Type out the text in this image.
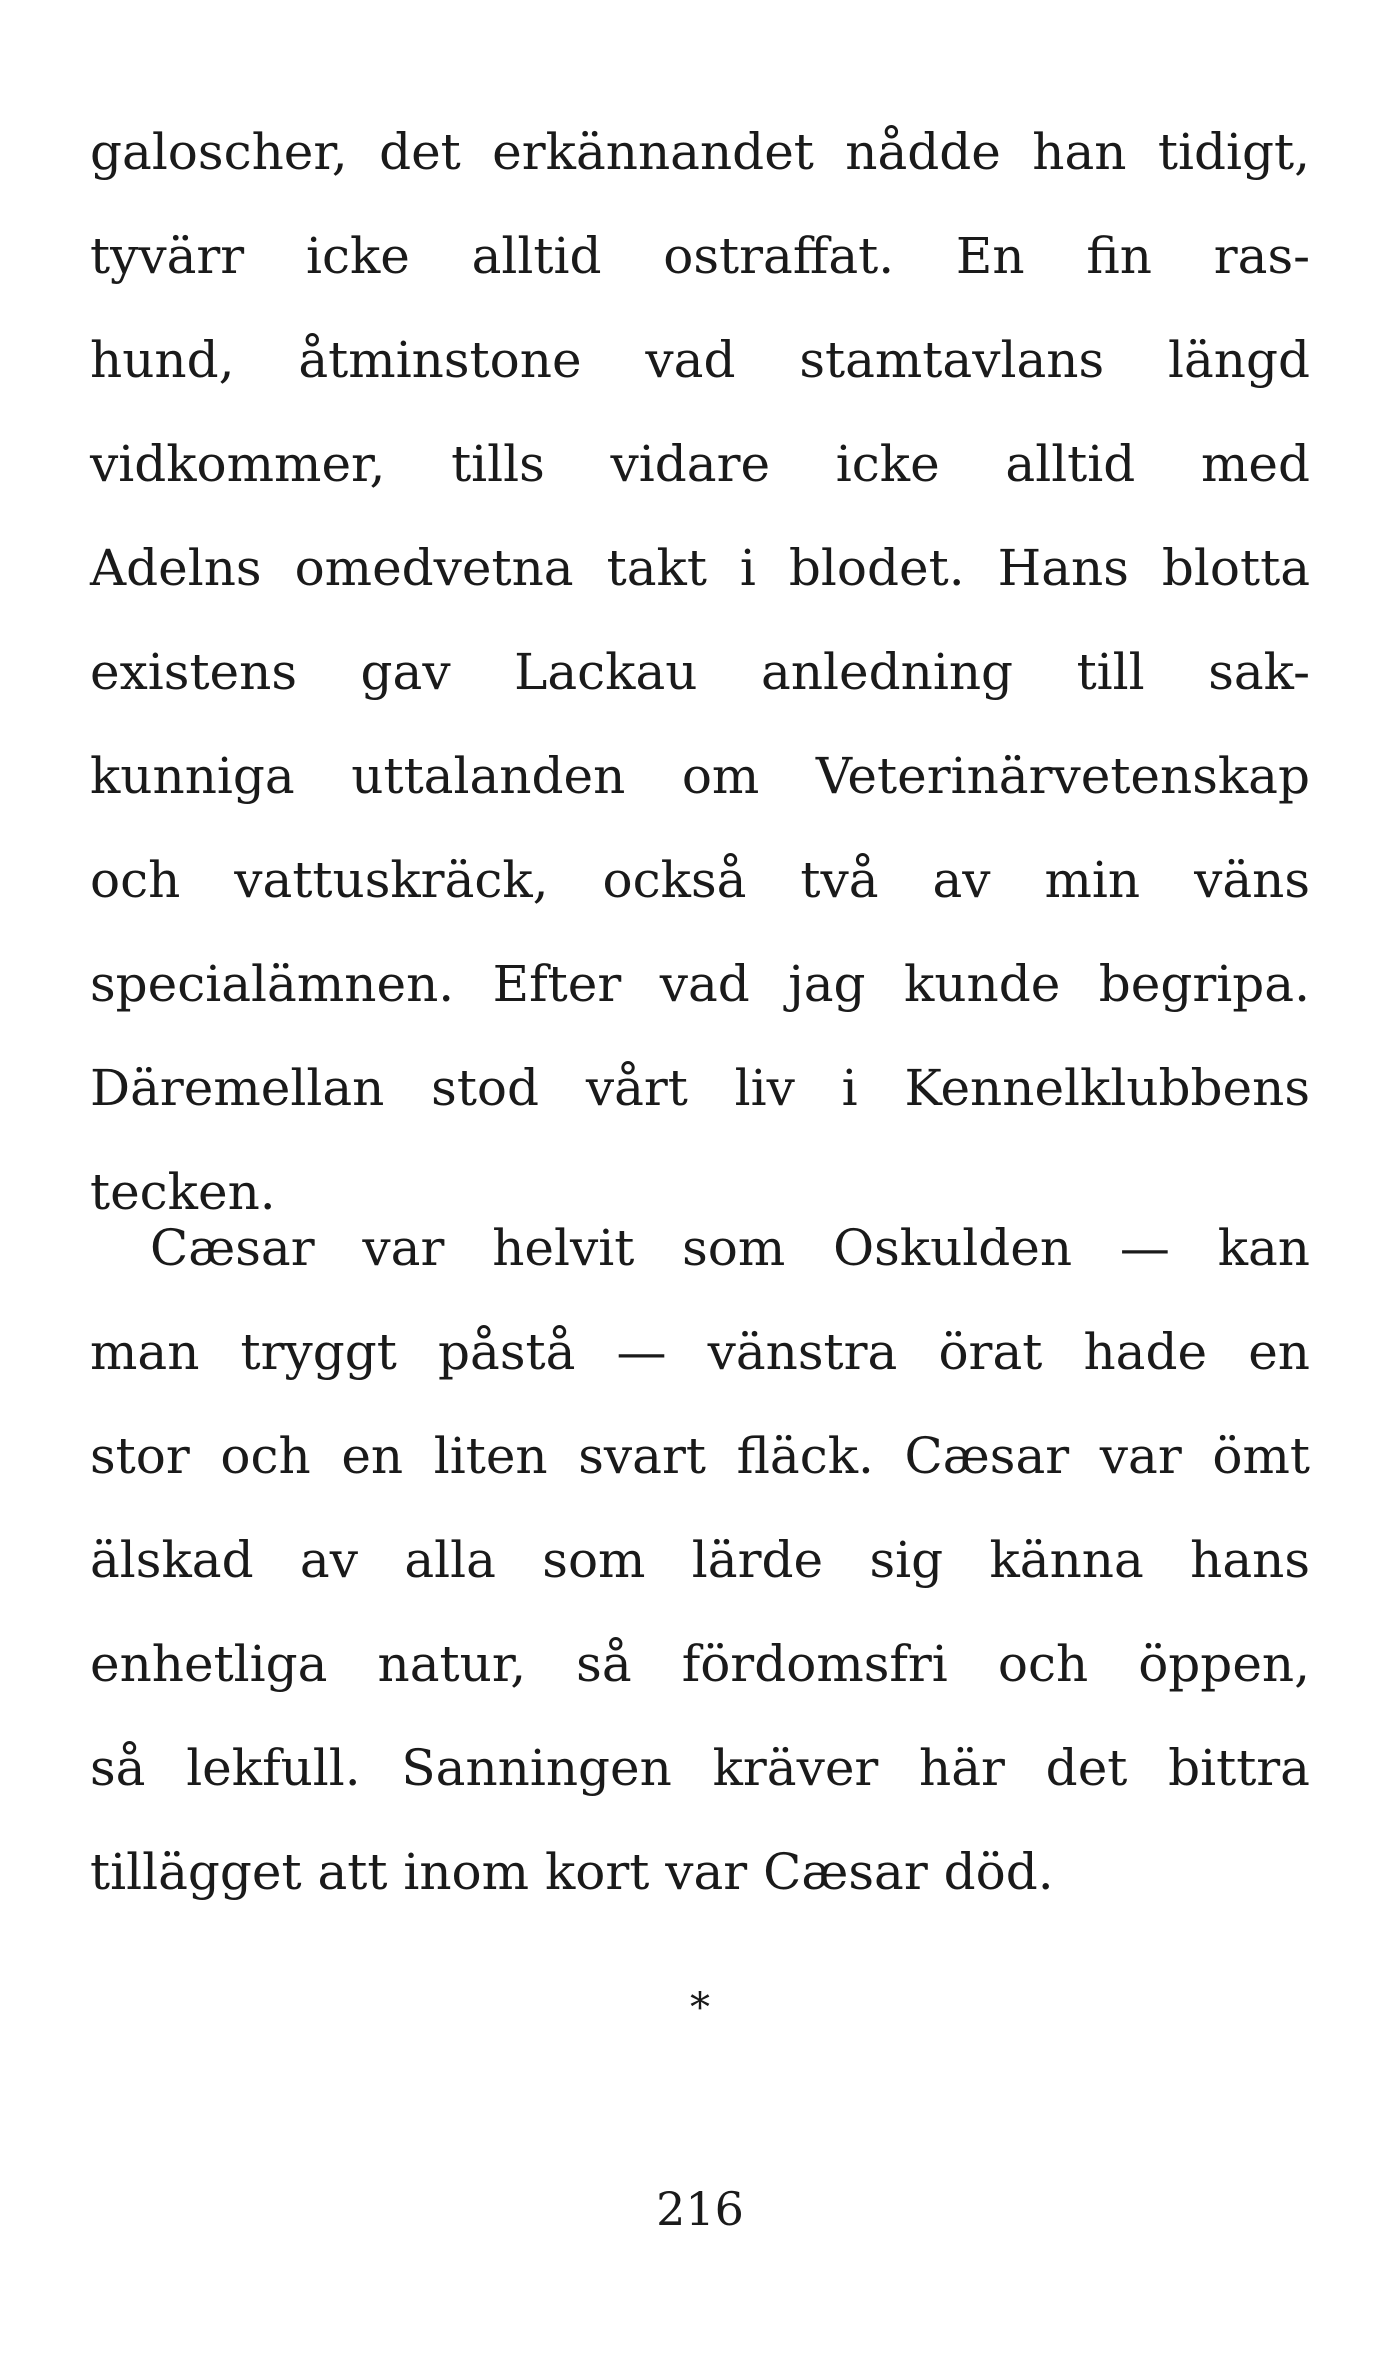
galoscher, det erkännandet nådde han tidigt,
tyvärr icke alltid ostraffat. En fin ras-
hund, åtminstone vad stamtavlans längd
vidkommer, tills vidare icke alltid med
Adelns omedvetna takt i blodet. Hans blotta
existens gav Lackau anledning till sak-
kunniga uttalanden om Veterinärvetenskap
och vattuskräck, också två av min väns
specialämnen. Efter vad jag kunde begripa.
Däremellan stod vårt liv i Kennelklubbens
tecken.
Cæsar var helvit som Oskulden — kan
man tryggt påstå — vänstra örat hade en
stor och en liten svart fläck. Cæsar var ömt
älskad av alla som lärde sig känna hans
enhetliga natur, så fördomsfri och öppen,
så lekfull. Sanningen kräver här det bittra
tillägget att inom kort var Cæsar död.
*
216
